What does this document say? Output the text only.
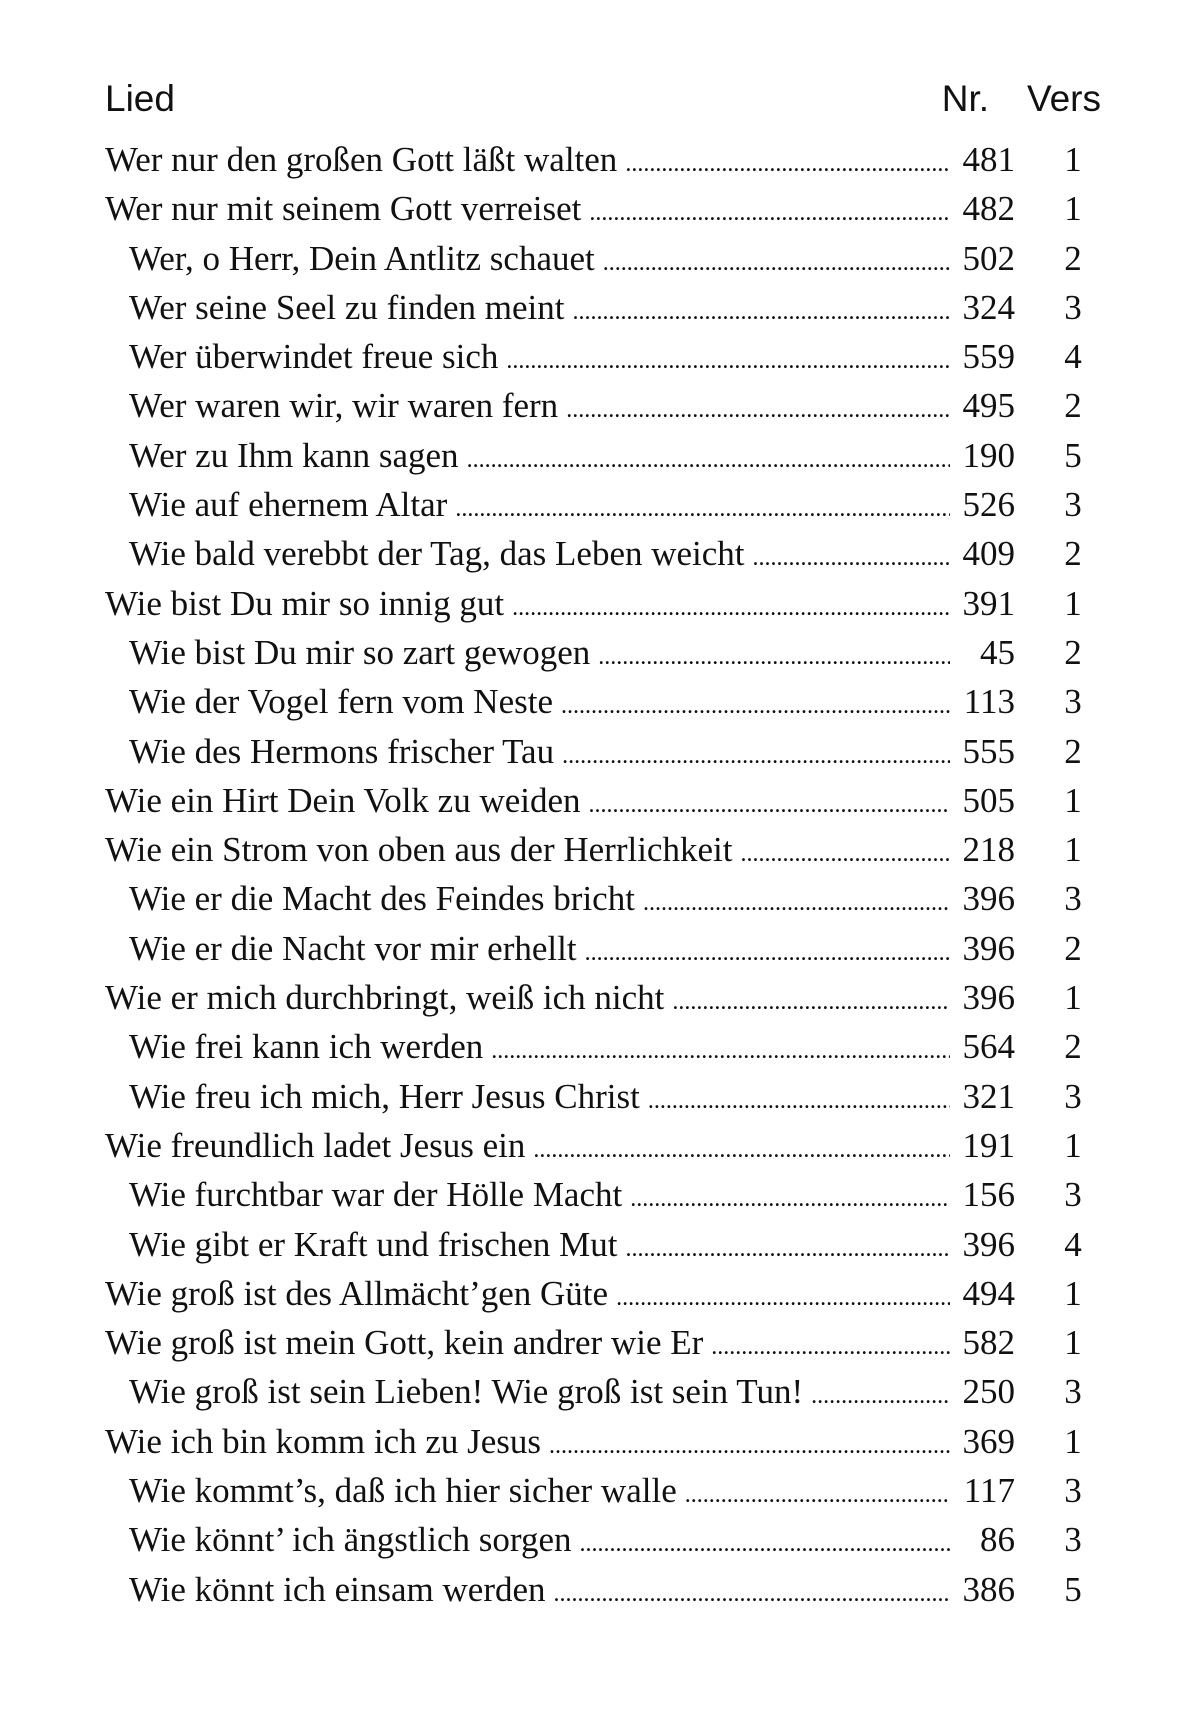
Lied	Nr. Vers
Wer nur den großen Gott läßt walten . . .	481 1
Wer nur mit seinem Gott verreiset . . .	482 1
Wer, o Herr, Dein Antlitz schauet . . .	502 2
Wer seine Seel zu finden meint . . .	324 3
Wer überwindet freue sich . . .	559 4
Wer waren wir, wir waren fern . . .	495 2
Wer zu Ihm kann sagen . . .	190 5
Wie auf ehernem Altar . . .	526 3
Wie bald verebbt der Tag, das Leben weicht . . .	409 2
Wie bist Du mir so innig gut . . .	391 1
Wie bist Du mir so zart gewogen . . .	45 2
Wie der Vogel fern vom Neste . . .	113 3
Wie des Hermons frischer Tau . . .	555 2
Wie ein Hirt Dein Volk zu weiden . . .	505 1
Wie ein Strom von oben aus der Herrlichkeit . . .	218 1
Wie er die Macht des Feindes bricht . . .	396 3
Wie er die Nacht vor mir erhellt . . .	396 2
Wie er mich durchbringt, weiß ich nicht . . .	396 1
Wie frei kann ich werden . . .	564 2
Wie freu ich mich, Herr Jesus Christ . . .	321 3
Wie freundlich ladet Jesus ein . . .	191 1
Wie furchtbar war der Hölle Macht . . .	156 3
Wie gibt er Kraft und frischen Mut . . .	396 4
Wie groß ist des Allmächt’gen Güte . . .	494 1
Wie groß ist mein Gott, kein andrer wie Er . . .	582 1
Wie groß ist sein Lieben! Wie groß ist sein Tun! . . .	250 3
Wie ich bin komm ich zu Jesus . . .	369 1
Wie kommt’s, daß ich hier sicher walle . . .	117 3
Wie könnt’ ich ängstlich sorgen . . .	86 3
Wie könnt ich einsam werden . . .	386 5
